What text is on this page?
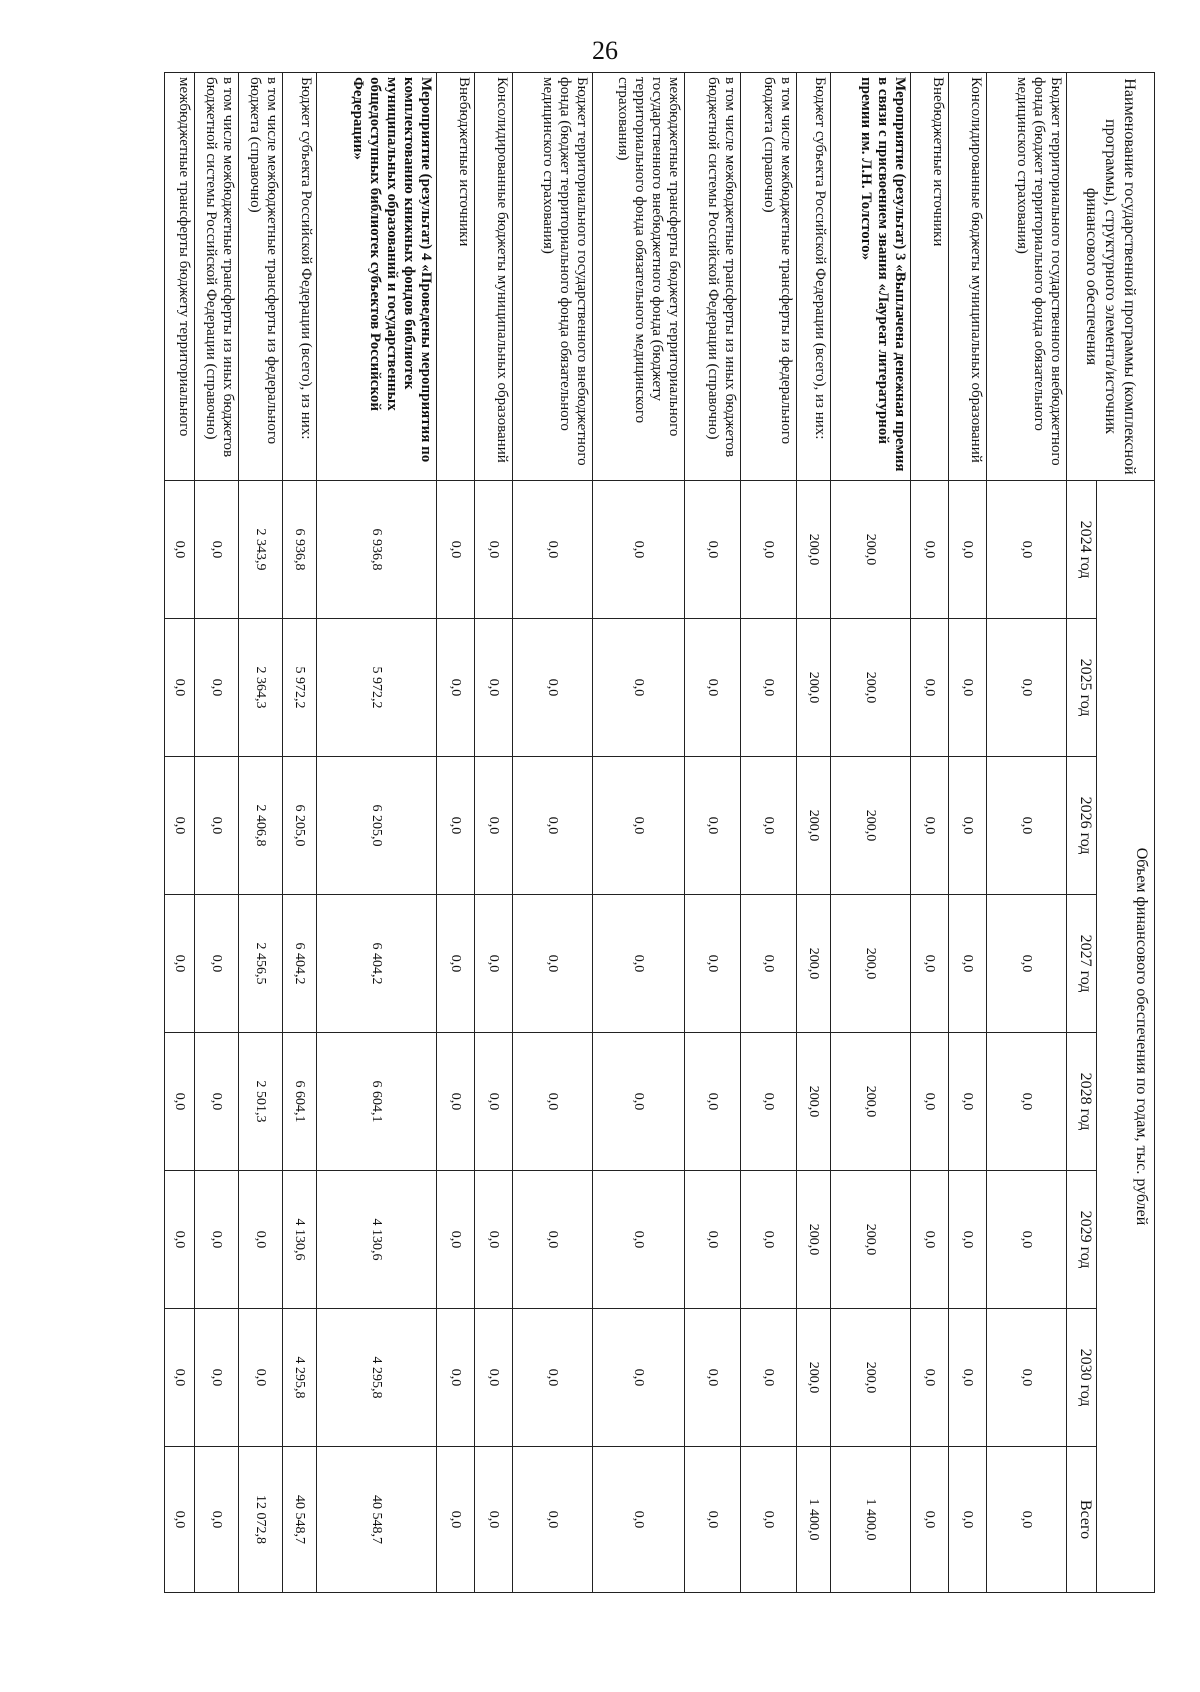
26
Наименование государственной программы (комплексной программы), структурного элемента/источник финансового обеспечения	Объем финансового обеспечения по годам, тыс. рублей							
	2024 год	2025 год	2026 год	2027 год	2028 год	2029 год	2030 год	Всего
Бюджет территориального государственного внебюджетного фонда (бюджет территориального фонда обязательного медицинского страхования)	0,0	0,0	0,0	0,0	0,0	0,0	0,0	0,0
Консолидированные бюджеты муниципальных образований	0,0	0,0	0,0	0,0	0,0	0,0	0,0	0,0
Внебюджетные источники	0,0	0,0	0,0	0,0	0,0	0,0	0,0	0,0
Мероприятие (результат) 3 «Выплачена денежная премия в связи с присвоением звания «Лауреат литературной премии им. Л.Н. Толстого»	200,0	200,0	200,0	200,0	200,0	200,0	200,0	1 400,0
Бюджет субъекта Российской Федерации (всего), из них:	200,0	200,0	200,0	200,0	200,0	200,0	200,0	1 400,0
в том числе межбюджетные трансферты из федерального бюджета (справочно)	0,0	0,0	0,0	0,0	0,0	0,0	0,0	0,0
в том числе межбюджетные трансферты из иных бюджетов бюджетной системы Российской Федерации (справочно)	0,0	0,0	0,0	0,0	0,0	0,0	0,0	0,0
межбюджетные трансферты бюджету территориального государственного внебюджетного фонда (бюджету территориального фонда обязательного медицинского страхования)	0,0	0,0	0,0	0,0	0,0	0,0	0,0	0,0
Бюджет территориального государственного внебюджетного фонда (бюджет территориального фонда обязательного медицинского страхования)	0,0	0,0	0,0	0,0	0,0	0,0	0,0	0,0
Консолидированные бюджеты муниципальных образований	0,0	0,0	0,0	0,0	0,0	0,0	0,0	0,0
Внебюджетные источники	0,0	0,0	0,0	0,0	0,0	0,0	0,0	0,0
Мероприятие (результат) 4 «Проведены мероприятия по комплектованию книжных фондов библиотек муниципальных образований и государственных общедоступных библиотек субъектов Российской Федерации»	6 936,8	5 972,2	6 205,0	6 404,2	6 604,1	4 130,6	4 295,8	40 548,7
Бюджет субъекта Российской Федерации (всего), из них:	6 936,8	5 972,2	6 205,0	6 404,2	6 604,1	4 130,6	4 295,8	40 548,7
в том числе межбюджетные трансферты из федерального бюджета (справочно)	2 343,9	2 364,3	2 406,8	2 456,5	2 501,3	0,0	0,0	12 072,8
в том числе межбюджетные трансферты из иных бюджетов бюджетной системы Российской Федерации (справочно)	0,0	0,0	0,0	0,0	0,0	0,0	0,0	0,0
межбюджетные трансферты бюджету территориального	0,0	0,0	0,0	0,0	0,0	0,0	0,0	0,0
